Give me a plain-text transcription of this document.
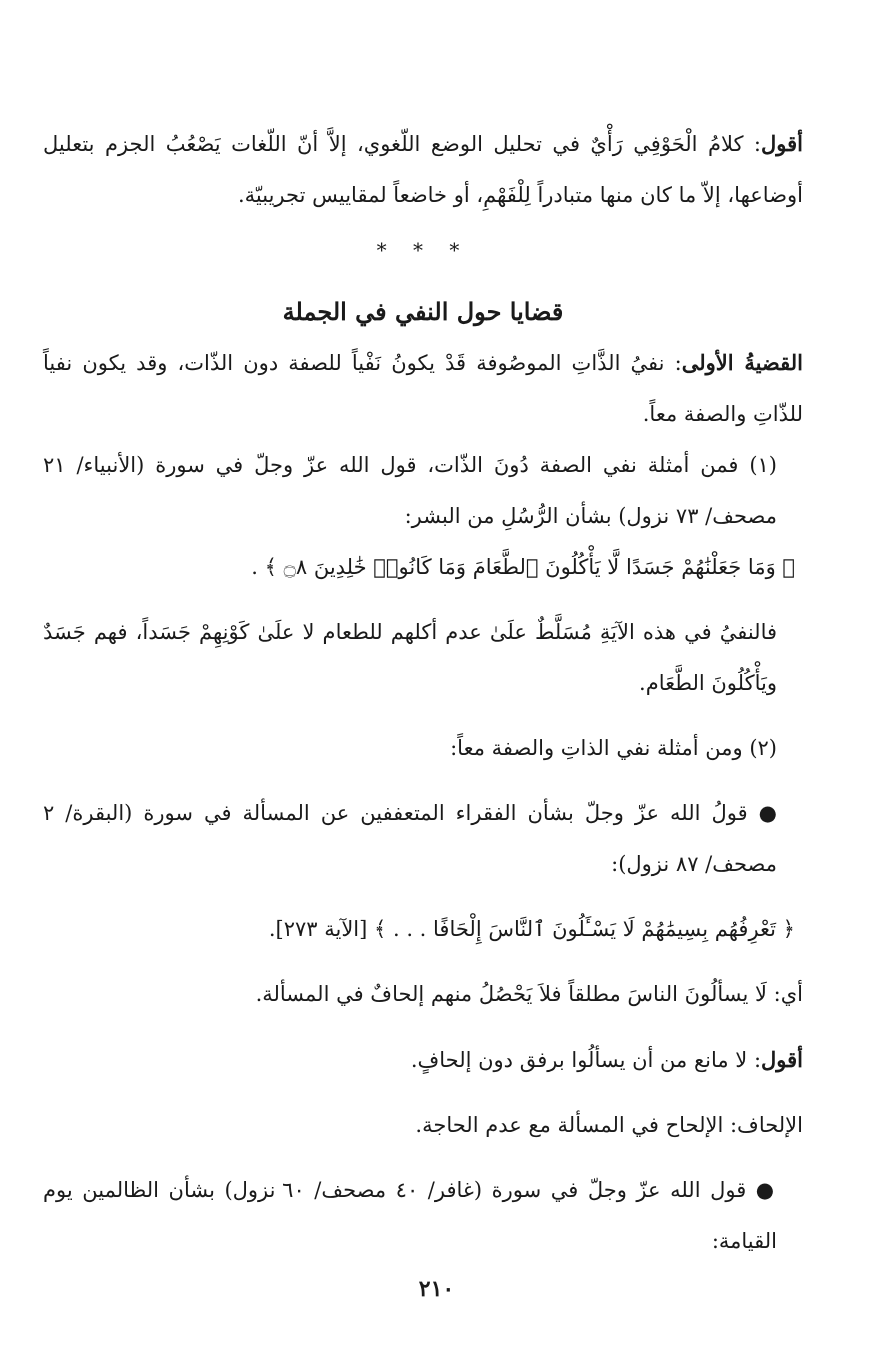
أقول: كلامُ الْحَوْفِي رَأْيٌ في تحليل الوضع اللّغوي، إلاَّ أنّ اللّغات يَصْعُبُ الجزم بتعليل أوضاعها، إلاّ ما كان منها متبادراً لِلْفَهْمِ، أو خاضعاً لمقاييس تجريبيّة.

* * *

قضايا حول النفي في الجملة

القضيةُ الأولى: نفيُ الذَّاتِ الموصُوفة قَدْ يكونُ نَفْياً للصفة دون الذّات، وقد يكون نفياً للذّاتِ والصفة معاً.

(١) فمن أمثلة نفي الصفة دُونَ الذّات، قول الله عزّ وجلّ في سورة (الأنبياء/ ٢١ مصحف/ ٧٣ نزول) بشأن الرُّسُلِ من البشر:

﴿ وَمَا جَعَلْنَٰهُمْ جَسَدًا لَّا يَأْكُلُونَ ٱلطَّعَامَ وَمَا كَانُوا۟ خَٰلِدِينَ ۝٨ ﴾ .

فالنفيُ في هذه الآيَةِ مُسَلَّطٌ علَىٰ عدم أكلهم للطعام لا علَىٰ كَوْنِهِمْ جَسَداً، فهم جَسَدٌ ويَأْكُلُونَ الطَّعَام.

(٢) ومن أمثلة نفي الذاتِ والصفة معاً:

● قولُ الله عزّ وجلّ بشأن الفقراء المتعففين عن المسألة في سورة (البقرة/ ٢ مصحف/ ٨٧ نزول):

﴿ تَعْرِفُهُم بِسِيمَٰهُمْ لَا يَسْـَٔلُونَ ٱلنَّاسَ إِلْحَافًا . . . ﴾ [الآية ٢٧٣].

أي: لَا يسألُونَ الناسَ مطلقاً فلاَ يَحْصُلُ منهم إلحافٌ في المسألة.

أقول: لا مانع من أن يسألُوا برفق دون إلحافٍ.

الإلحاف: الإلحاح في المسألة مع عدم الحاجة.

● قول الله عزّ وجلّ في سورة (غافر/ ٤٠ مصحف/ ٦٠ نزول) بشأن الظالمين يوم القيامة:

٢١٠
